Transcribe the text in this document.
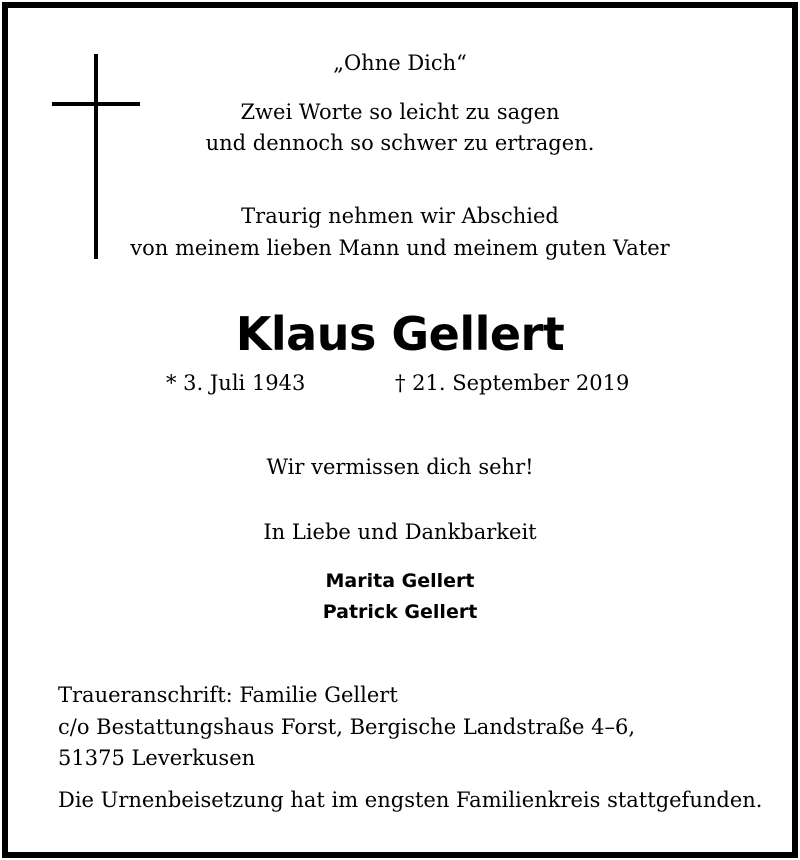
„Ohne Dich“
Zwei Worte so leicht zu sagen
und dennoch so schwer zu ertragen.
Traurig nehmen wir Abschied
von meinem lieben Mann und meinem guten Vater
Klaus Gellert
* 3. Juli 1943	† 21. September 2019
Wir vermissen dich sehr!
In Liebe und Dankbarkeit
Marita Gellert
Patrick Gellert
Traueranschrift: Familie Gellert
c/o Bestattungshaus Forst, Bergische Landstraße 4–6,
51375 Leverkusen
Die Urnenbeisetzung hat im engsten Familienkreis stattgefunden.
